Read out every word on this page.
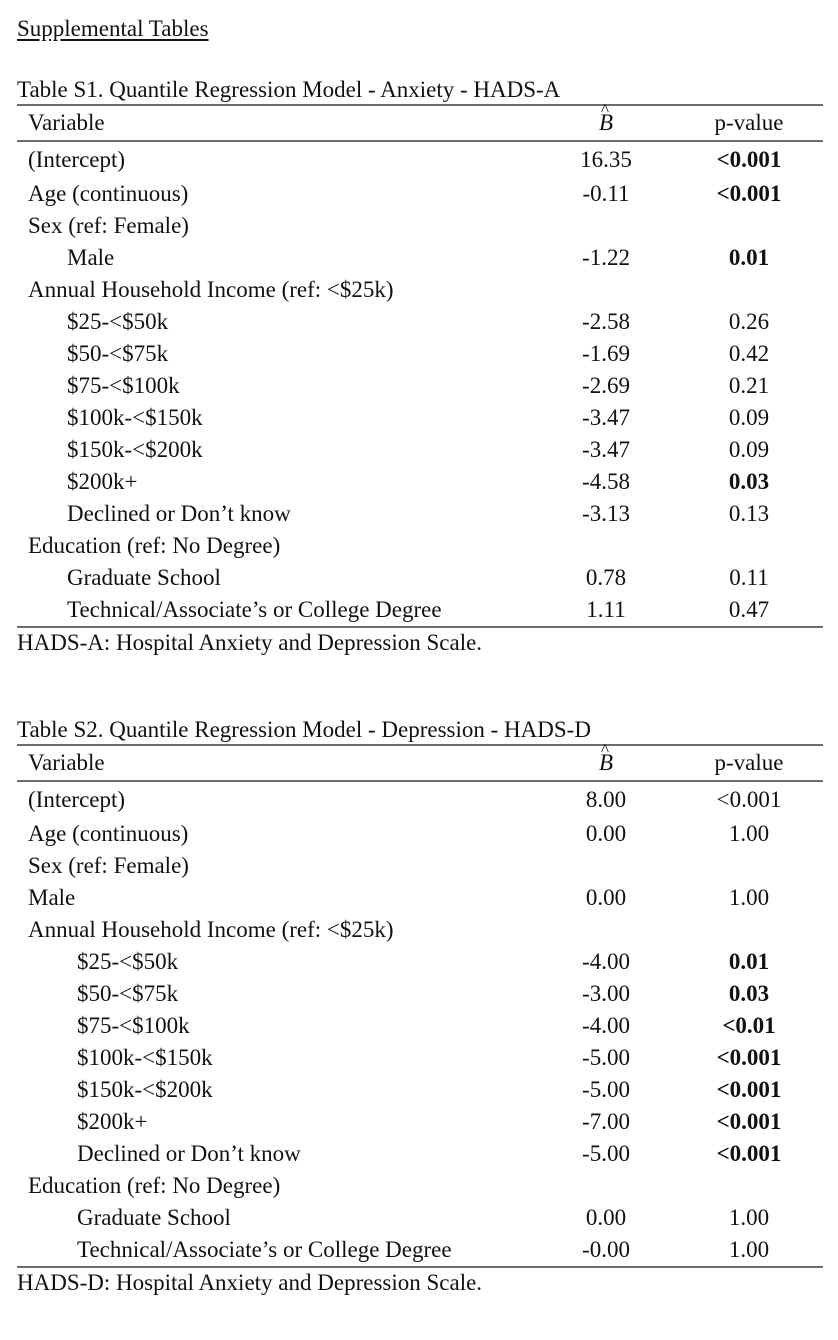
Supplemental Tables
Table S1. Quantile Regression Model - Anxiety - HADS-A
Variable	^ B	p-value
(Intercept)	16.35	<0.001
Age (continuous)	-0.11	<0.001
Sex (ref: Female)		
Male	-1.22	0.01
Annual Household Income (ref: <$25k)		
$25-<$50k	-2.58	0.26
$50-<$75k	-1.69	0.42
$75-<$100k	-2.69	0.21
$100k-<$150k	-3.47	0.09
$150k-<$200k	-3.47	0.09
$200k+	-4.58	0.03
Declined or Don’t know	-3.13	0.13
Education (ref: No Degree)		
Graduate School	0.78	0.11
Technical/Associate’s or College Degree	1.11	0.47
HADS-A: Hospital Anxiety and Depression Scale.
Table S2. Quantile Regression Model - Depression - HADS-D
Variable	^ B	p-value
(Intercept)	8.00	<0.001
Age (continuous)	0.00	1.00
Sex (ref: Female)		
Male	0.00	1.00
Annual Household Income (ref: <$25k)		
$25-<$50k	-4.00	0.01
$50-<$75k	-3.00	0.03
$75-<$100k	-4.00	<0.01
$100k-<$150k	-5.00	<0.001
$150k-<$200k	-5.00	<0.001
$200k+	-7.00	<0.001
Declined or Don’t know	-5.00	<0.001
Education (ref: No Degree)		
Graduate School	0.00	1.00
Technical/Associate’s or College Degree	-0.00	1.00
HADS-D: Hospital Anxiety and Depression Scale.
